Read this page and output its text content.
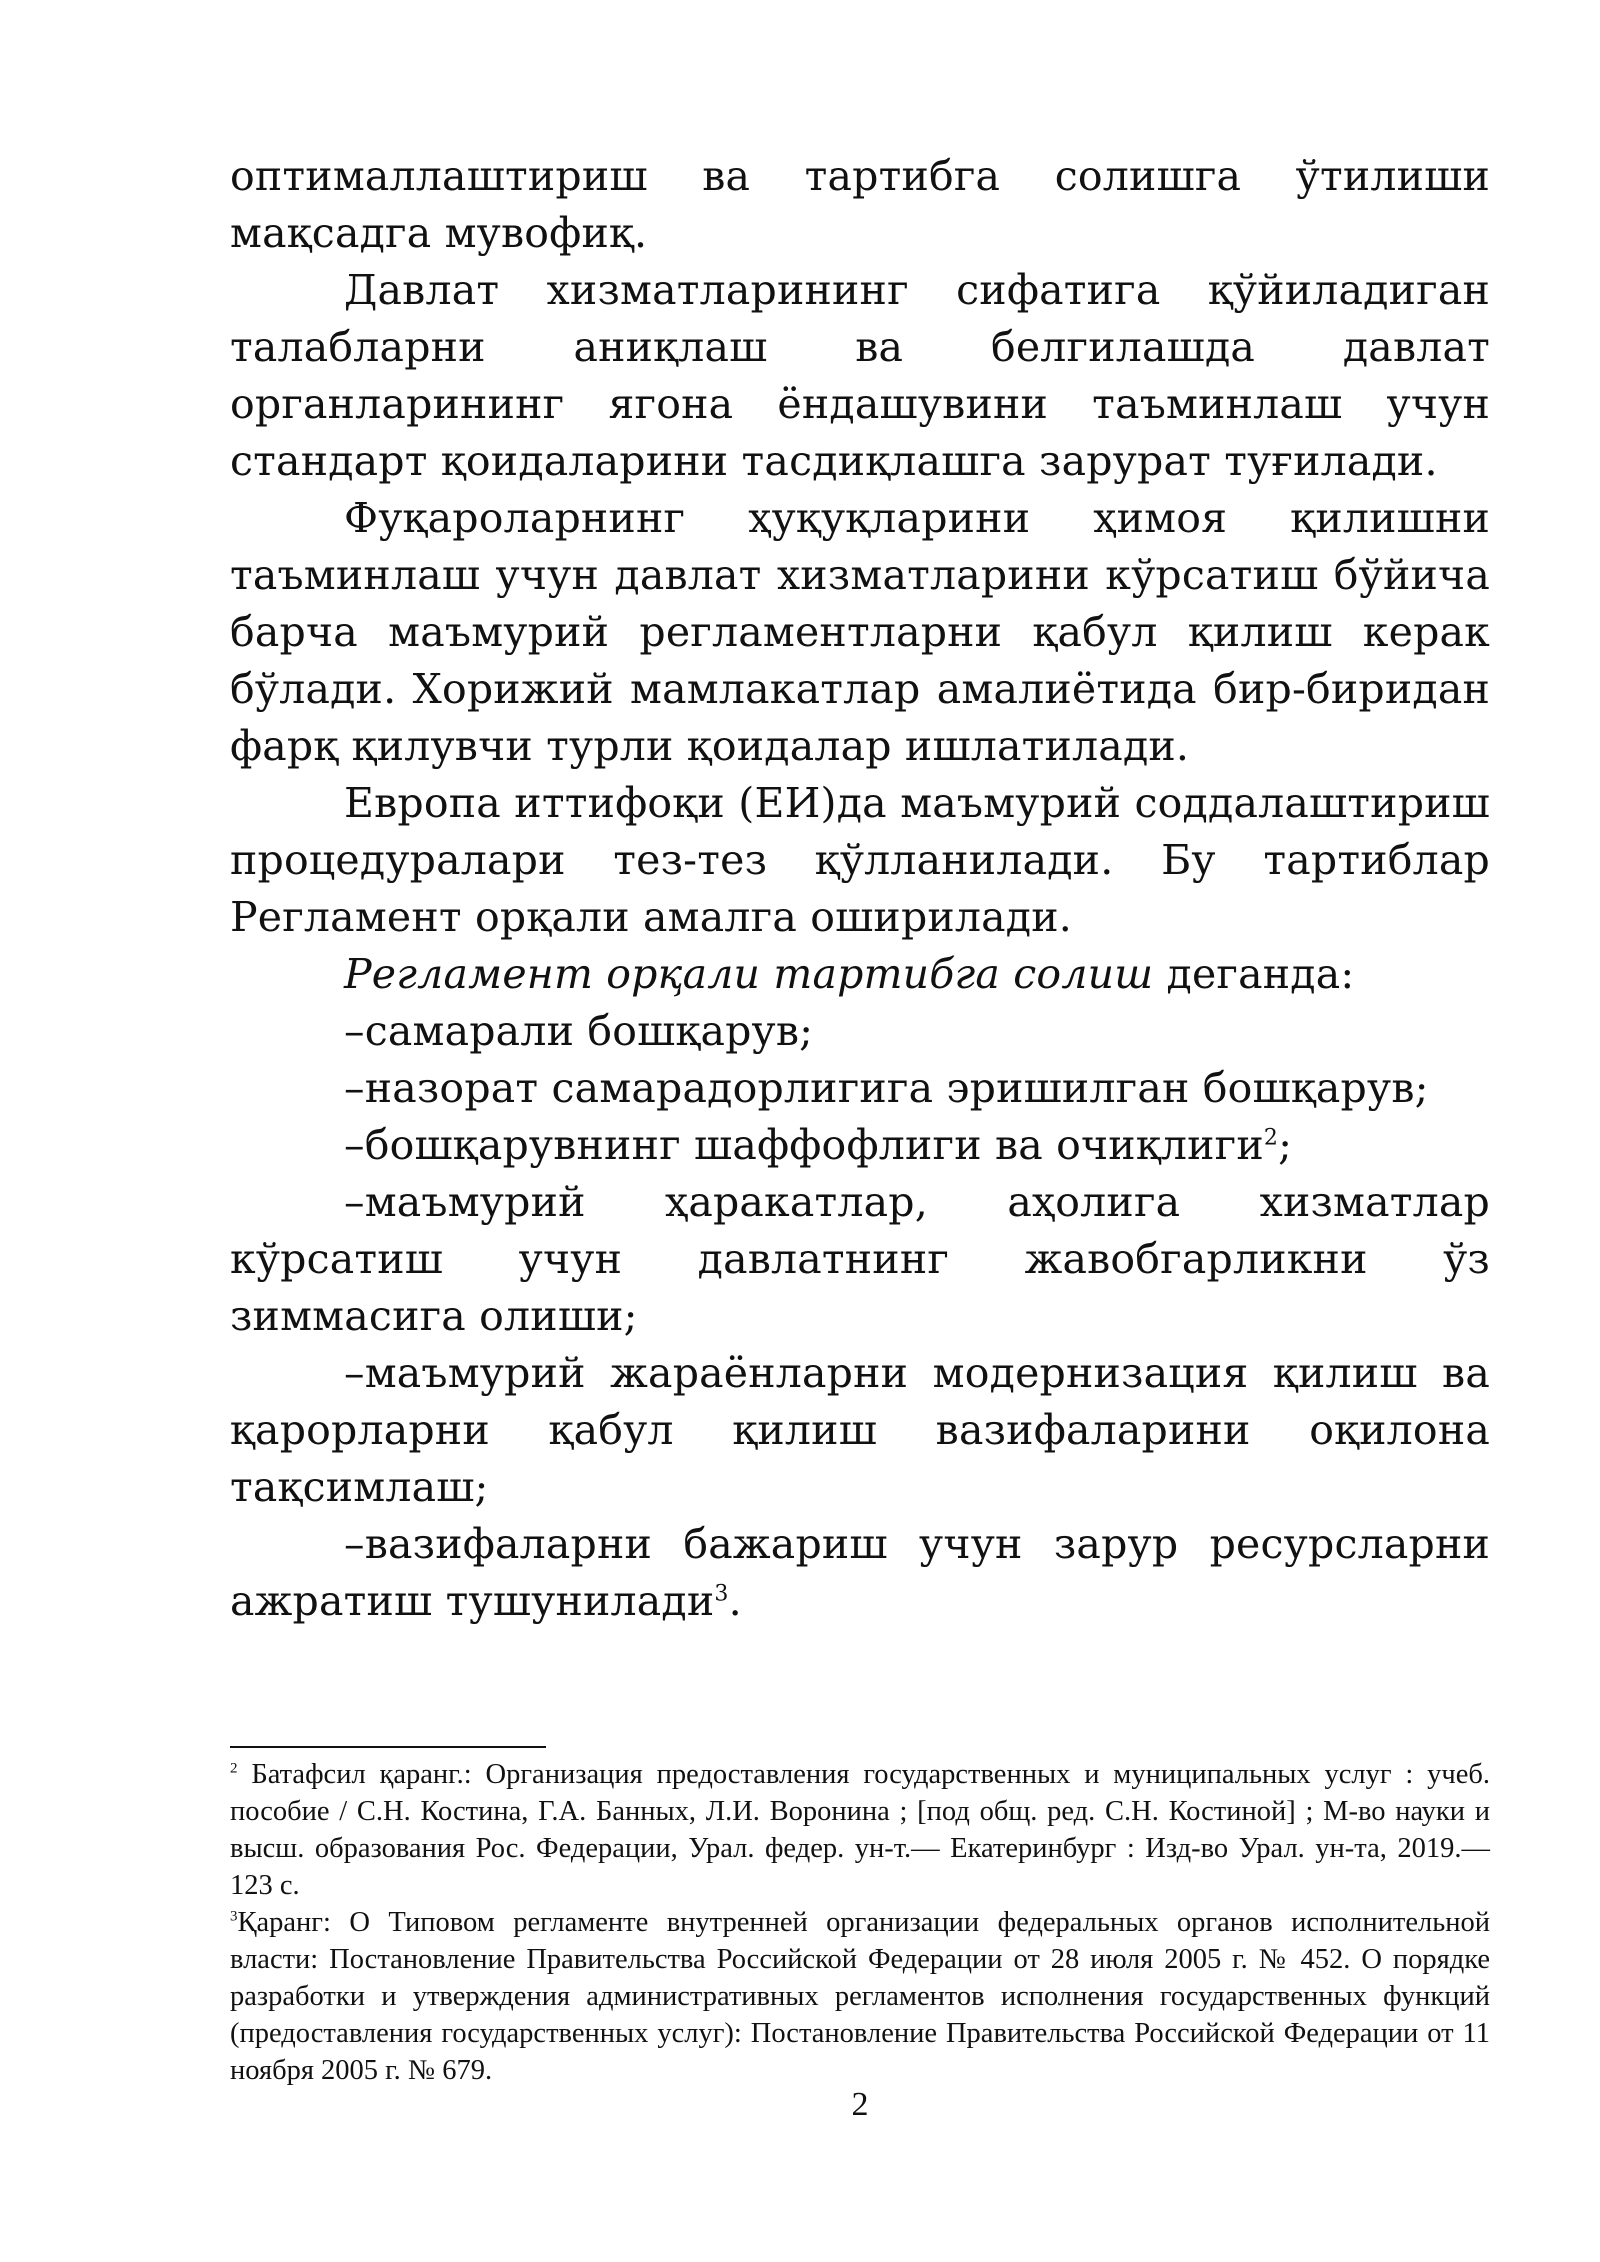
оптималлаштириш ва тартибга солишга ўтилиши мақсадга мувофиқ.

Давлат хизматларининг сифатига қўйиладиган талабларни аниқлаш ва белгилашда давлат органларининг ягона ёндашувини таъминлаш учун стандарт қоидаларини тасдиқлашга зарурат туғилади.

Фуқароларнинг ҳуқуқларини ҳимоя қилишни таъминлаш учун давлат хизматларини кўрсатиш бўйича барча маъмурий регламентларни қабул қилиш керак бўлади. Хорижий мамлакатлар амалиётида бир-биридан фарқ қилувчи турли қоидалар ишлатилади.

Европа иттифоқи (ЕИ)да маъмурий соддалаштириш процедуралари тез-тез қўлланилади. Бу тартиблар Регламент орқали амалга оширилади.

Регламент орқали тартибга солиш деганда:

–самарали бошқарув;

–назорат самарадорлигига эришилган бошқарув;

–бошқарувнинг шаффофлиги ва очиқлиги$^2$;

–маъмурий ҳаракатлар, аҳолига хизматлар кўрсатиш учун давлатнинг жавобгарликни ўз зиммасига олиши;

–маъмурий жараёнларни модернизация қилиш ва қарорларни қабул қилиш вазифаларини оқилона тақсимлаш;

–вазифаларни бажариш учун зарур ресурсларни ажратиш тушунилади$^3$.

$^2$ Батафсил қаранг.: Организация предоставления государственных и муниципальных услуг : учеб. пособие / С.Н. Костина, Г.А. Банных, Л.И. Воронина ; [под общ. ред. С.Н. Костиной] ; М-во науки и высш. образования Рос. Федерации, Урал. федер. ун-т.— Екатеринбург : Изд-во Урал. ун-та, 2019.— 123 с.

$^3$Қаранг: О Типовом регламенте внутренней организации федеральных органов исполнительной власти: Постановление Правительства Российской Федерации от 28 июля 2005 г. № 452. О порядке разработки и утверждения административных регламентов исполнения государственных функций (предоставления государственных услуг): Постановление Правительства Российской Федерации от 11 ноября 2005 г. № 679.

2
